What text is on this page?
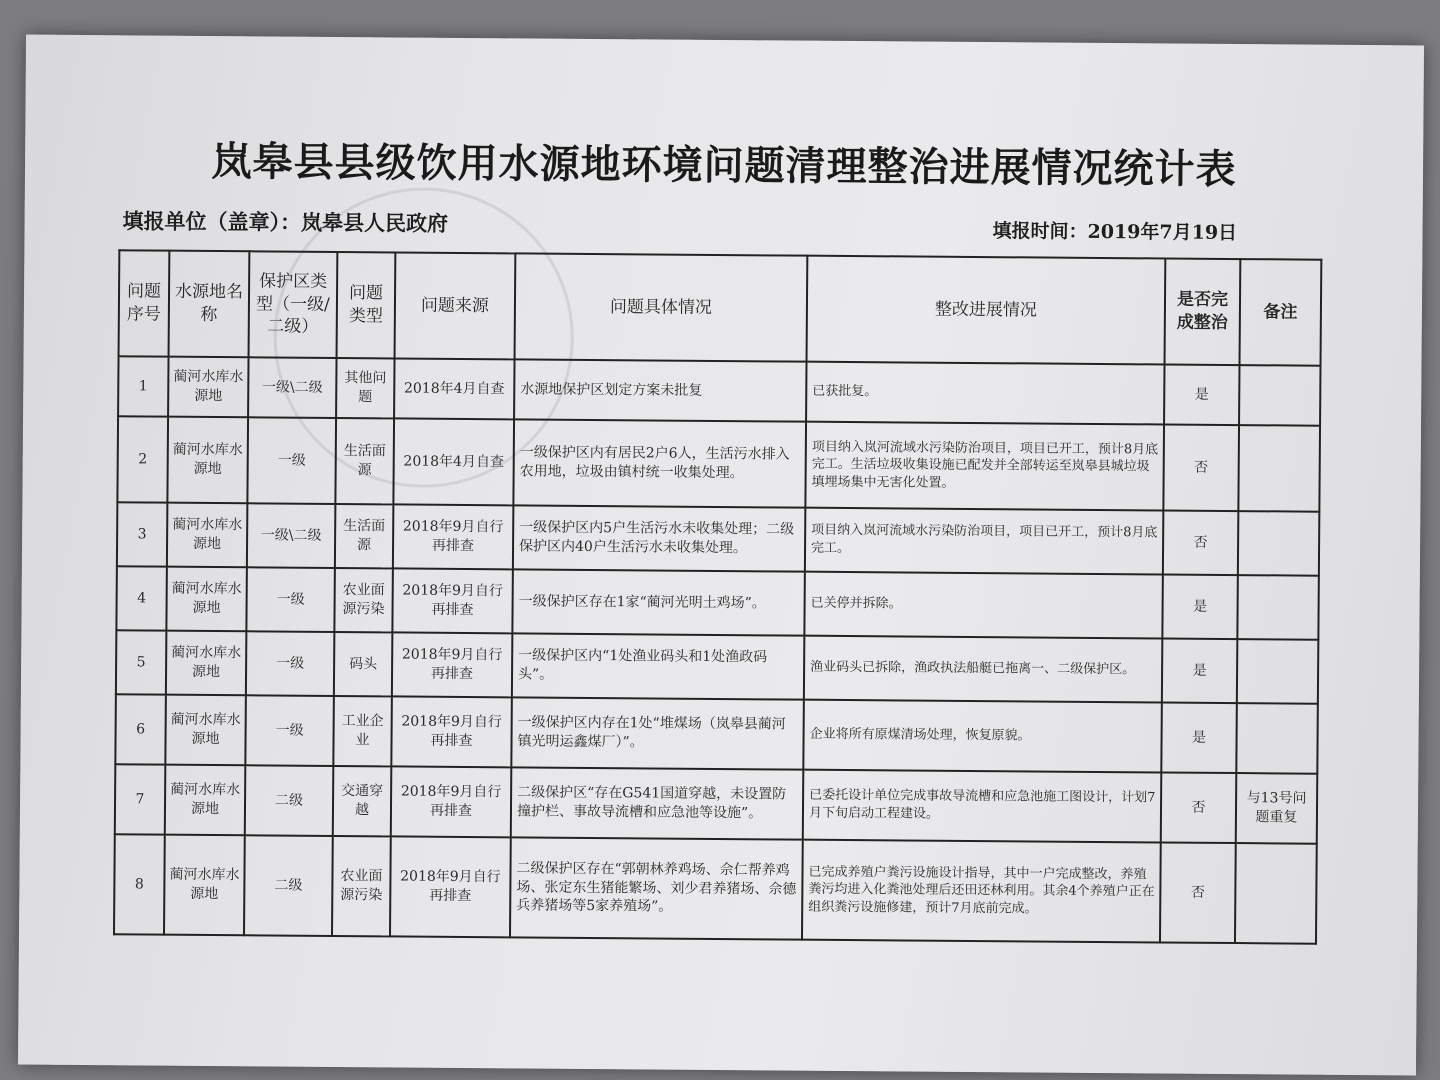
岚皋县县级饮用水源地环境问题清理整治进展情况统计表
填报单位（盖章）：岚皋县人民政府	填报时间：2019年7月19日
问题序号	水源地名称	保护区类型（一级/二级）	问题类型	问题来源	问题具体情况	整改进展情况	是否完成整治	备注
1	蔺河水库水源地	一级\二级	其他问题	2018年4月自查	水源地保护区划定方案未批复	已获批复。	是	
2	蔺河水库水源地	一级	生活面源	2018年4月自查	一级保护区内有居民2户6人，生活污水排入农用地，垃圾由镇村统一收集处理。	项目纳入岚河流域水污染防治项目，项目已开工，预计8月底完工。生活垃圾收集设施已配发并全部转运至岚皋县城垃圾填埋场集中无害化处置。	否	
3	蔺河水库水源地	一级\二级	生活面源	2018年9月自行再排查	一级保护区内5户生活污水未收集处理；二级保护区内40户生活污水未收集处理。	项目纳入岚河流域水污染防治项目，项目已开工，预计8月底完工。	否	
4	蔺河水库水源地	一级	农业面源污染	2018年9月自行再排查	一级保护区存在1家“蔺河光明土鸡场”。	已关停并拆除。	是	
5	蔺河水库水源地	一级	码头	2018年9月自行再排查	一级保护区内“1处渔业码头和1处渔政码头”。	渔业码头已拆除，渔政执法船艇已拖离一、二级保护区。	是	
6	蔺河水库水源地	一级	工业企业	2018年9月自行再排查	一级保护区内存在1处“堆煤场（岚皋县蔺河镇光明运鑫煤厂）”。	企业将所有原煤清场处理，恢复原貌。	是	
7	蔺河水库水源地	二级	交通穿越	2018年9月自行再排查	二级保护区“存在G541国道穿越，未设置防撞护栏、事故导流槽和应急池等设施”。	已委托设计单位完成事故导流槽和应急池施工图设计，计划7月下旬启动工程建设。	否	与13号问题重复
8	蔺河水库水源地	二级	农业面源污染	2018年9月自行再排查	二级保护区存在“郭朝林养鸡场、佘仁帮养鸡场、张定东生猪能繁场、刘少君养猪场、佘德兵养猪场等5家养殖场”。	已完成养殖户粪污设施设计指导，其中一户完成整改，养殖粪污均进入化粪池处理后还田还林利用。其余4个养殖户正在组织粪污设施修建，预计7月底前完成。	否	
